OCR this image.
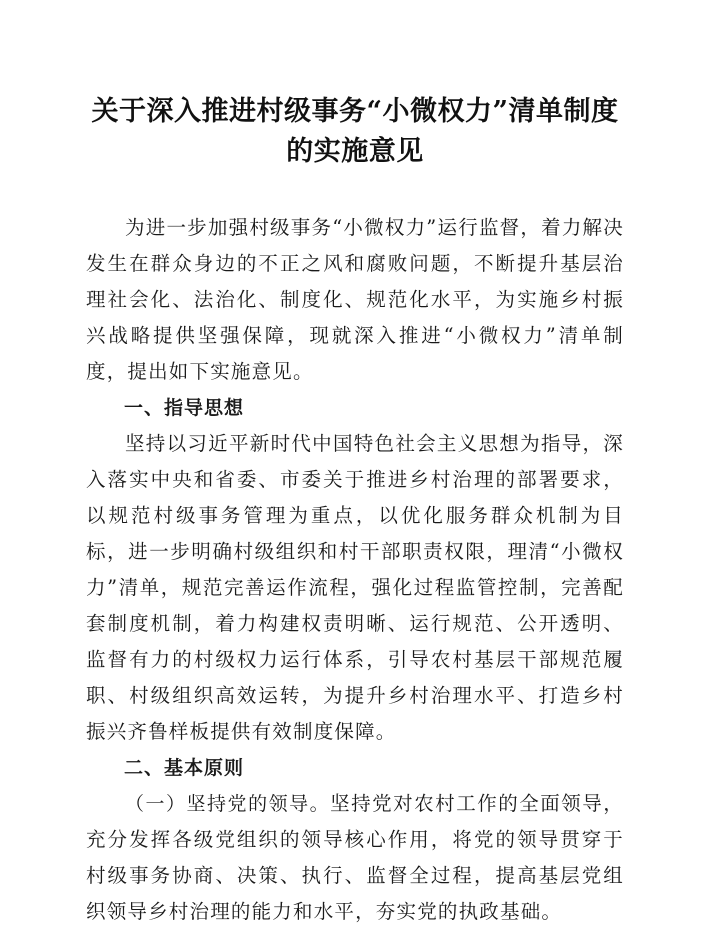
关于深入推进村级事务“小微权力”清单制度
的实施意见

为进一步加强村级事务“小微权力”运行监督，着力解决发生在群众身边的不正之风和腐败问题，不断提升基层治理社会化、法治化、制度化、规范化水平，为实施乡村振兴战略提供坚强保障，现就深入推进“小微权力”清单制度，提出如下实施意见。

一、指导思想

坚持以习近平新时代中国特色社会主义思想为指导，深入落实中央和省委、市委关于推进乡村治理的部署要求，以规范村级事务管理为重点，以优化服务群众机制为目标，进一步明确村级组织和村干部职责权限，理清“小微权力”清单，规范完善运作流程，强化过程监管控制，完善配套制度机制，着力构建权责明晰、运行规范、公开透明、监督有力的村级权力运行体系，引导农村基层干部规范履职、村级组织高效运转，为提升乡村治理水平、打造乡村振兴齐鲁样板提供有效制度保障。

二、基本原则

（一）坚持党的领导。坚持党对农村工作的全面领导，充分发挥各级党组织的领导核心作用，将党的领导贯穿于村级事务协商、决策、执行、监督全过程，提高基层党组织领导乡村治理的能力和水平，夯实党的执政基础。
